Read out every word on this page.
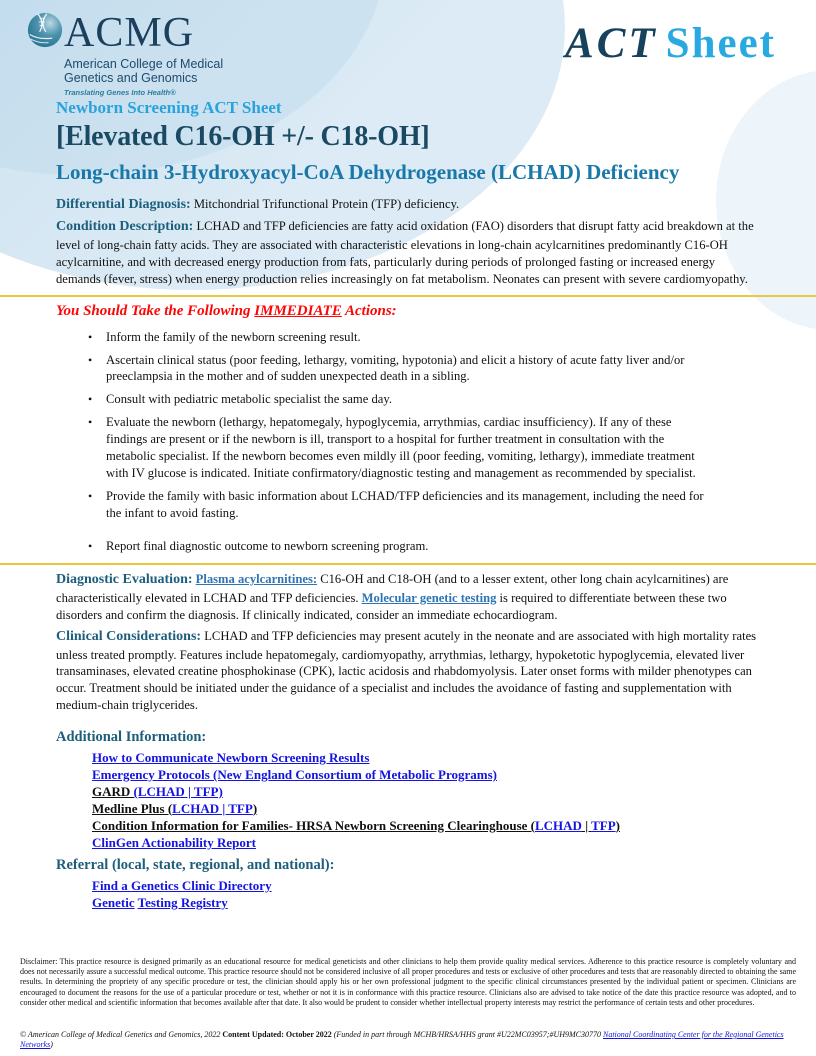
ACMG
American College of Medical
Genetics and Genomics
Translating Genes Into Health®
ACT Sheet
Newborn Screening ACT Sheet
[Elevated C16-OH +/- C18-OH]
Long-chain 3-Hydroxyacyl-CoA Dehydrogenase (LCHAD) Deficiency

Differential Diagnosis: Mitchondrial Trifunctional Protein (TFP) deficiency.

Condition Description: LCHAD and TFP deficiencies are fatty acid oxidation (FAO) disorders that disrupt fatty acid breakdown at the level of long-chain fatty acids. They are associated with characteristic elevations in long-chain acylcarnitines predominantly C16-OH acylcarnitine, and with decreased energy production from fats, particularly during periods of prolonged fasting or increased energy demands (fever, stress) when energy production relies increasingly on fat metabolism. Neonates can present with severe cardiomyopathy.

You Should Take the Following IMMEDIATE Actions:
• Inform the family of the newborn screening result.
• Ascertain clinical status (poor feeding, lethargy, vomiting, hypotonia) and elicit a history of acute fatty liver and/or preeclampsia in the mother and of sudden unexpected death in a sibling.
• Consult with pediatric metabolic specialist the same day.
• Evaluate the newborn (lethargy, hepatomegaly, hypoglycemia, arrythmias, cardiac insufficiency). If any of these findings are present or if the newborn is ill, transport to a hospital for further treatment in consultation with the metabolic specialist. If the newborn becomes even mildly ill (poor feeding, vomiting, lethargy), immediate treatment with IV glucose is indicated. Initiate confirmatory/diagnostic testing and management as recommended by specialist.
• Provide the family with basic information about LCHAD/TFP deficiencies and its management, including the need for the infant to avoid fasting.
• Report final diagnostic outcome to newborn screening program.

Diagnostic Evaluation: Plasma acylcarnitines: C16-OH and C18-OH (and to a lesser extent, other long chain acylcarnitines) are characteristically elevated in LCHAD and TFP deficiencies. Molecular genetic testing is required to differentiate between these two disorders and confirm the diagnosis. If clinically indicated, consider an immediate echocardiogram.

Clinical Considerations: LCHAD and TFP deficiencies may present acutely in the neonate and are associated with high mortality rates unless treated promptly. Features include hepatomegaly, cardiomyopathy, arrythmias, lethargy, hypoketotic hypoglycemia, elevated liver transaminases, elevated creatine phosphokinase (CPK), lactic acidosis and rhabdomyolysis. Later onset forms with milder phenotypes can occur. Treatment should be initiated under the guidance of a specialist and includes the avoidance of fasting and supplementation with medium-chain triglycerides.

Additional Information:
How to Communicate Newborn Screening Results
Emergency Protocols (New England Consortium of Metabolic Programs)
GARD (LCHAD | TFP)
Medline Plus (LCHAD | TFP)
Condition Information for Families- HRSA Newborn Screening Clearinghouse (LCHAD | TFP)
ClinGen Actionability Report
Referral (local, state, regional, and national):
Find a Genetics Clinic Directory
Genetic Testing Registry
Disclaimer: This practice resource is designed primarily as an educational resource for medical geneticists and other clinicians to help them provide quality medical services. Adherence to this practice resource is completely voluntary and does not necessarily assure a successful medical outcome. This practice resource should not be considered inclusive of all proper procedures and tests or exclusive of other procedures and tests that are reasonably directed to obtaining the same results. In determining the propriety of any specific procedure or test, the clinician should apply his or her own professional judgment to the specific clinical circumstances presented by the individual patient or specimen. Clinicians are encouraged to document the reasons for the use of a particular procedure or test, whether or not it is in conformance with this practice resource. Clinicians also are advised to take notice of the date this practice resource was adopted, and to consider other medical and scientific information that becomes available after that date. It also would be prudent to consider whether intellectual property interests may restrict the performance of certain tests and other procedures.
© American College of Medical Genetics and Genomics, 2022 Content Updated: October 2022 (Funded in part through MCHB/HRSA/HHS grant #U22MC03957;#UH9MC30770 National Coordinating Center for the Regional Genetics Networks)
